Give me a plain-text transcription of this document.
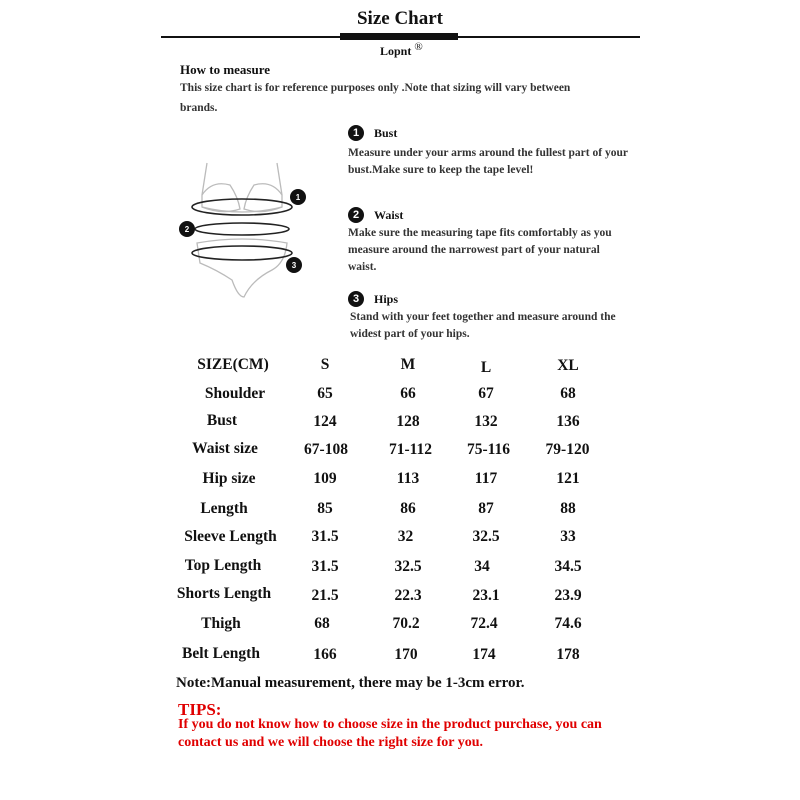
Size Chart
Lopnt ®
How to measure
This size chart is for reference purposes only .Note that sizing will vary between brands.
1
2
3
1 Bust
Measure under your arms around the fullest part of your bust.Make sure to keep the tape level!
2 Waist
Make sure the measuring tape fits comfortably as you measure around the narrowest part of your natural waist.
3 Hips
Stand with your feet together and measure around the widest part of your hips.
SIZE(CM)	S	M	L	XL
Shoulder	65	66	67	68
Bust	124	128	132	136
Waist size	67-108	71-112	75-116	79-120
Hip size	109	113	117	121
Length	85	86	87	88
Sleeve Length	31.5	32	32.5	33
Top Length	31.5	32.5	34	34.5
Shorts Length	21.5	22.3	23.1	23.9
Thigh	68	70.2	72.4	74.6
Belt Length	166	170	174	178
Note:Manual measurement, there may be 1-3cm error.
TIPS:
If you do not know how to choose size in the product purchase, you can contact us and we will choose the right size for you.
